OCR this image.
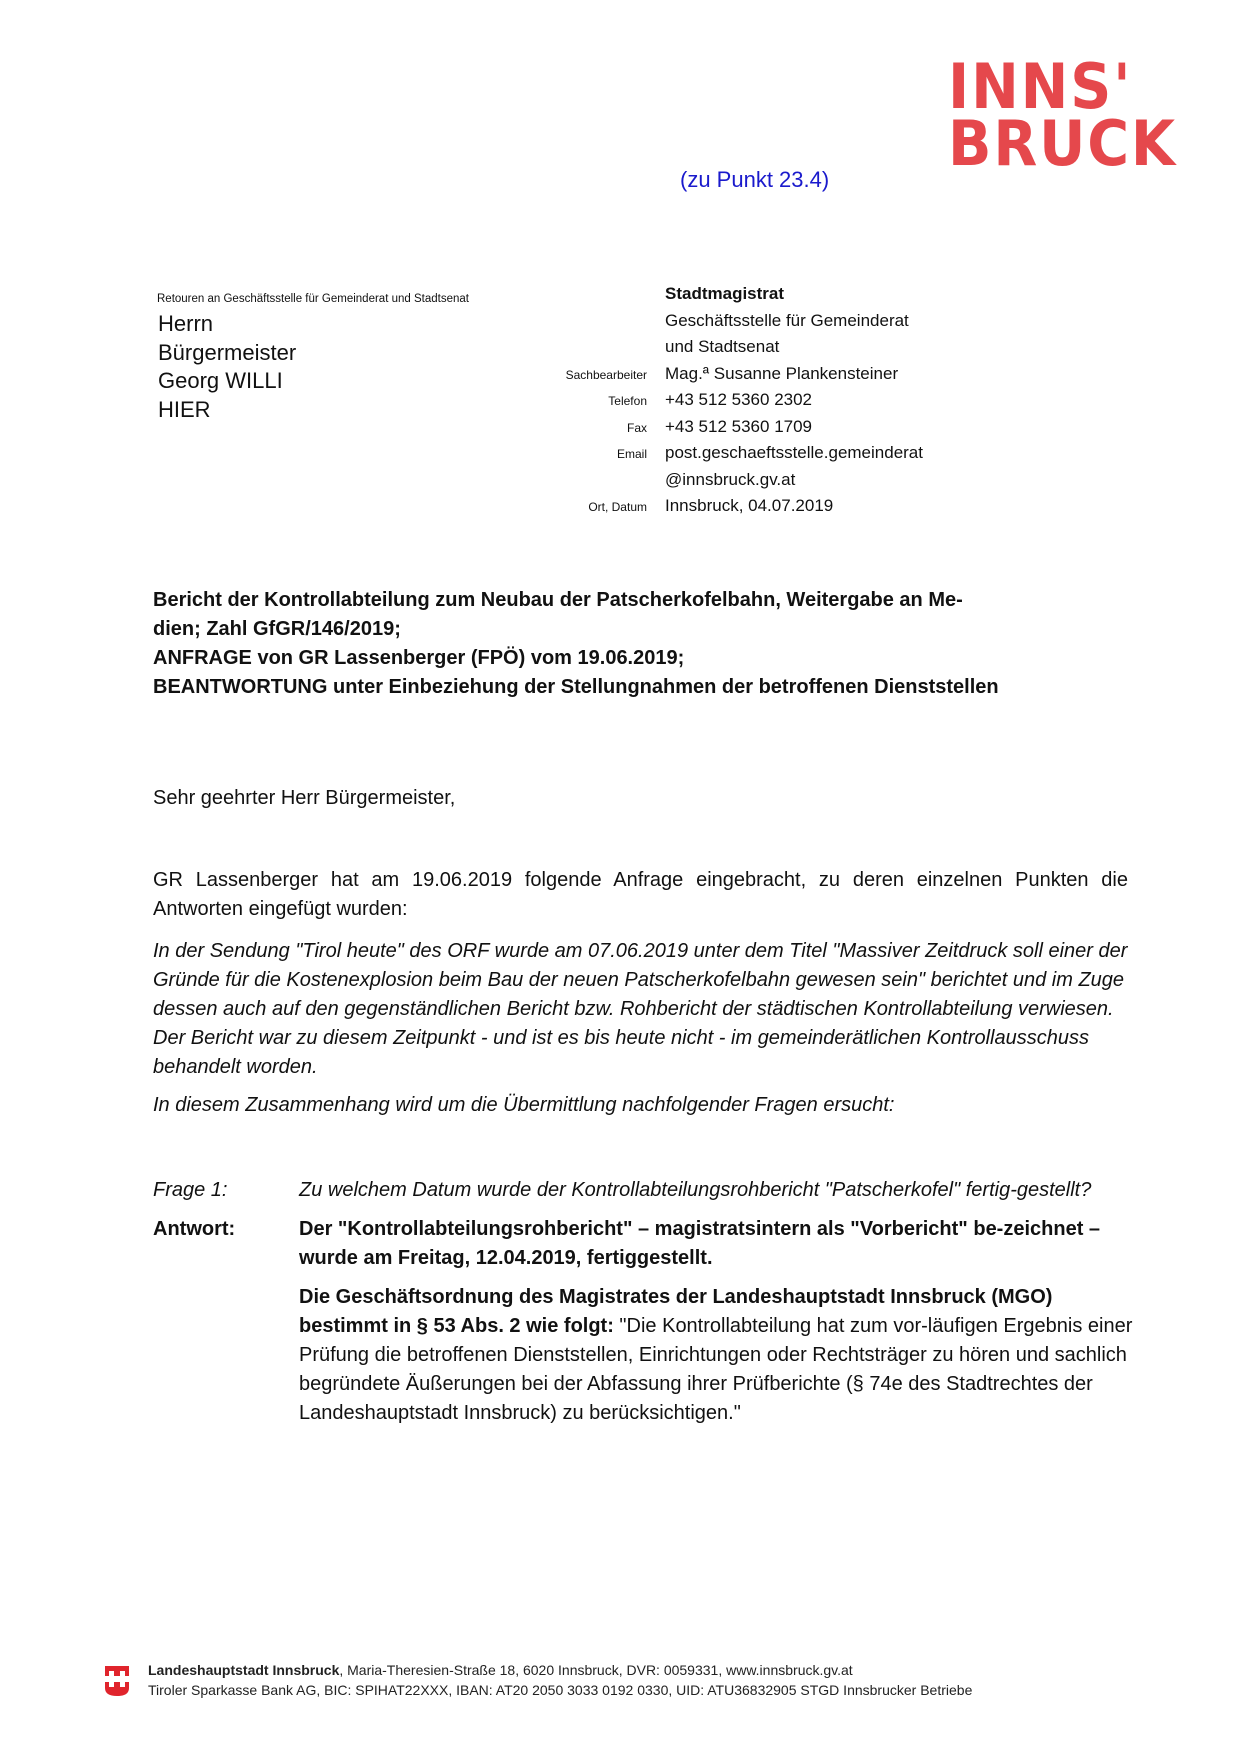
INNS'
BRUCK
(zu Punkt 23.4)
Retouren an Geschäftsstelle für Gemeinderat und Stadtsenat
Herrn
Bürgermeister
Georg WILLI
HIER
Stadtmagistrat
Geschäftsstelle für Gemeinderat
und Stadtsenat
Sachbearbeiter	Mag.ª Susanne Plankensteiner
Telefon	+43 512 5360 2302
Fax	+43 512 5360 1709
Email	post.geschaeftsstelle.gemeinderat
@innsbruck.gv.at
Ort, Datum	Innsbruck, 04.07.2019
Bericht der Kontrollabteilung zum Neubau der Patscherkofelbahn, Weitergabe an Me-
dien; Zahl GfGR/146/2019;
ANFRAGE von GR Lassenberger (FPÖ) vom 19.06.2019;
BEANTWORTUNG unter Einbeziehung der Stellungnahmen der betroffenen Dienststellen
Sehr geehrter Herr Bürgermeister,
GR Lassenberger hat am 19.06.2019 folgende Anfrage eingebracht, zu deren einzelnen Punkten die Antworten eingefügt wurden:

In der Sendung "Tirol heute" des ORF wurde am 07.06.2019 unter dem Titel "Massiver Zeitdruck soll einer der Gründe für die Kostenexplosion beim Bau der neuen Patscherkofelbahn gewesen sein" berichtet und im Zuge dessen auch auf den gegenständlichen Bericht bzw. Rohbericht der städtischen Kontrollabteilung verwiesen. Der Bericht war zu diesem Zeitpunkt - und ist es bis heute nicht - im gemeinderätlichen Kontrollausschuss behandelt worden.

In diesem Zusammenhang wird um die Übermittlung nachfolgender Fragen ersucht:

Frage 1:	Zu welchem Datum wurde der Kontrollabteilungsrohbericht "Patscherkofel" fertig-gestellt?
Antwort:	Der "Kontrollabteilungsrohbericht" – magistratsintern als "Vorbericht" be-zeichnet – wurde am Freitag, 12.04.2019, fertiggestellt.
Die Geschäftsordnung des Magistrates der Landeshauptstadt Innsbruck (MGO) bestimmt in § 53 Abs. 2 wie folgt: "Die Kontrollabteilung hat zum vor-läufigen Ergebnis einer Prüfung die betroffenen Dienststellen, Einrichtungen oder Rechtsträger zu hören und sachlich begründete Äußerungen bei der Abfassung ihrer Prüfberichte (§ 74e des Stadtrechtes der Landeshauptstadt Innsbruck) zu berücksichtigen."
Landeshauptstadt Innsbruck, Maria-Theresien-Straße 18, 6020 Innsbruck, DVR: 0059331, www.innsbruck.gv.at
Tiroler Sparkasse Bank AG, BIC: SPIHAT22XXX, IBAN: AT20 2050 3033 0192 0330, UID: ATU36832905 STGD Innsbrucker Betriebe
